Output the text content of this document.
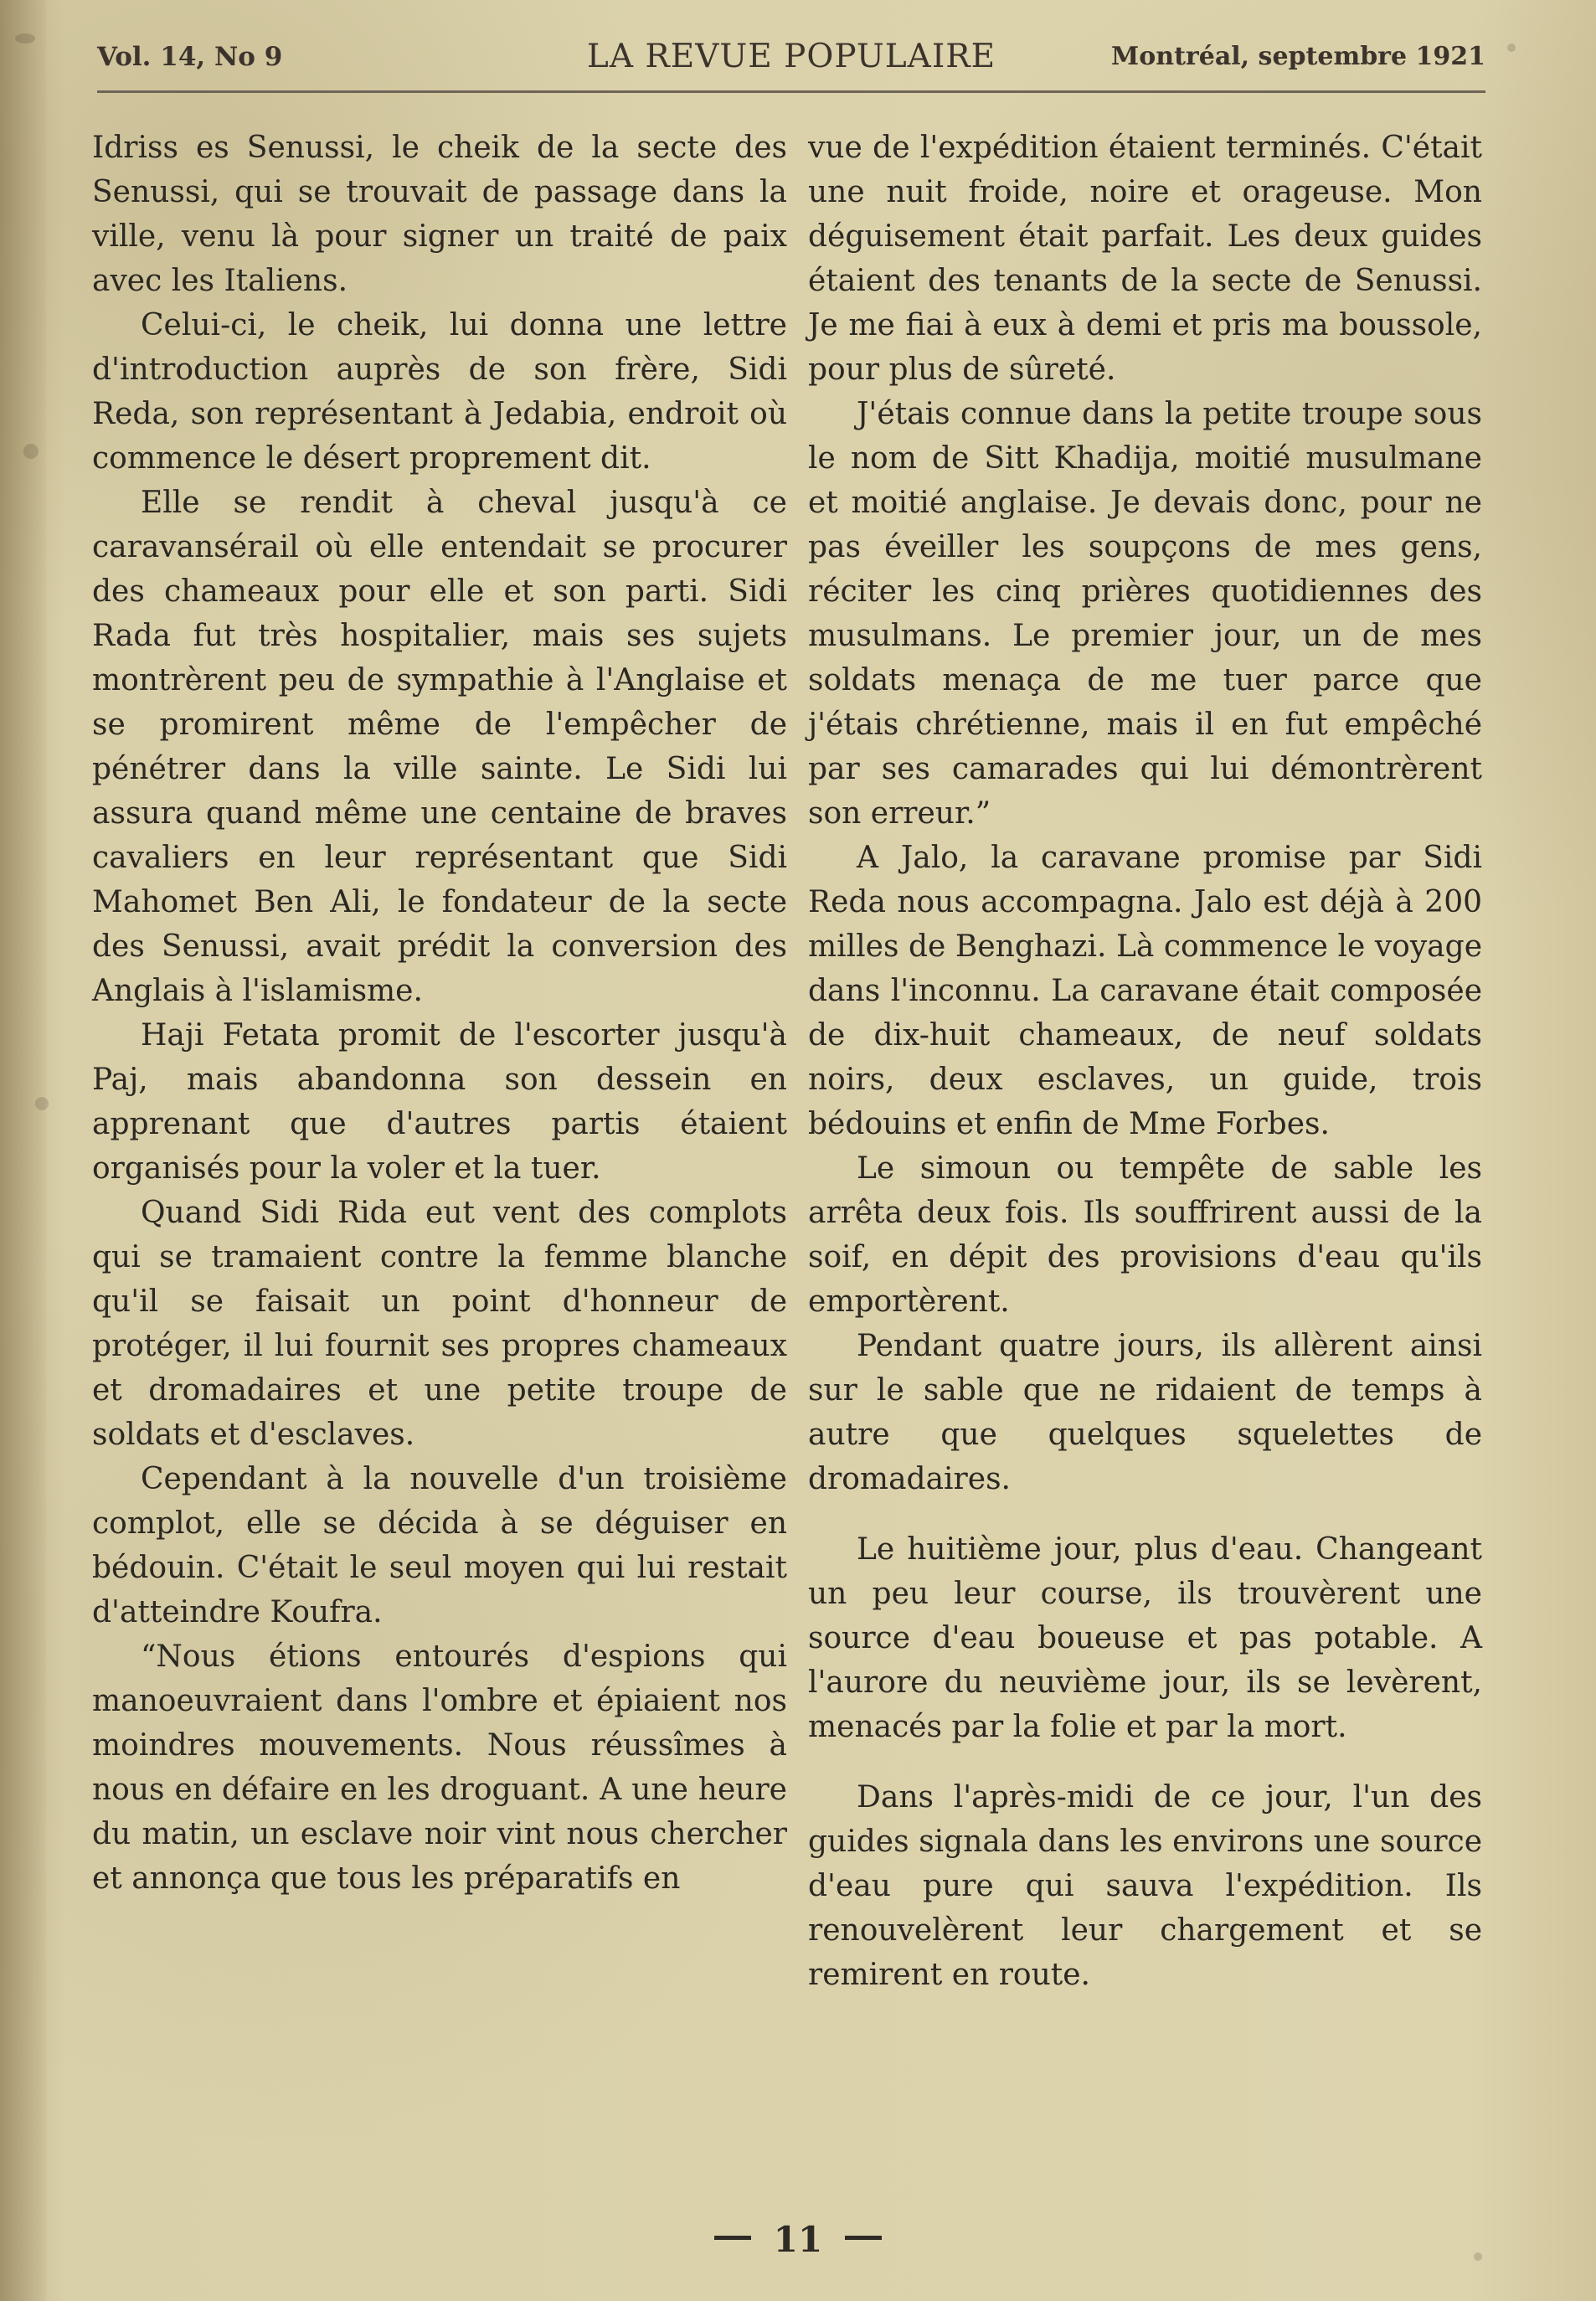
Vol. 14, No 9	LA REVUE POPULAIRE	Montréal, septembre 1921

Idriss es Senussi, le cheik de la secte des Senussi, qui se trouvait de passage dans la ville, venu là pour signer un traité de paix avec les Italiens.

Celui-ci, le cheik, lui donna une lettre d'introduction auprès de son frère, Sidi Reda, son représentant à Jedabia, endroit où commence le désert proprement dit.

Elle se rendit à cheval jusqu'à ce caravansérail où elle entendait se procurer des chameaux pour elle et son parti. Sidi Rada fut très hospitalier, mais ses sujets montrèrent peu de sympathie à l'Anglaise et se promirent même de l'empêcher de pénétrer dans la ville sainte. Le Sidi lui assura quand même une centaine de braves cavaliers en leur représentant que Sidi Mahomet Ben Ali, le fondateur de la secte des Senussi, avait prédit la conversion des Anglais à l'islamisme.

Haji Fetata promit de l'escorter jusqu'à Paj, mais abandonna son dessein en apprenant que d'autres partis étaient organisés pour la voler et la tuer.

Quand Sidi Rida eut vent des complots qui se tramaient contre la femme blanche qu'il se faisait un point d'honneur de protéger, il lui fournit ses propres chameaux et dromadaires et une petite troupe de soldats et d'esclaves.

Cependant à la nouvelle d'un troisième complot, elle se décida à se déguiser en bédouin. C'était le seul moyen qui lui restait d'atteindre Koufra.

“Nous étions entourés d'espions qui manoeuvraient dans l'ombre et épiaient nos moindres mouvements. Nous réussîmes à nous en défaire en les droguant. A une heure du matin, un esclave noir vint nous chercher et annonça que tous les préparatifs en

vue de l'expédition étaient terminés. C'était une nuit froide, noire et orageuse. Mon déguisement était parfait. Les deux guides étaient des tenants de la secte de Senussi. Je me fiai à eux à demi et pris ma boussole, pour plus de sûreté.

J'étais connue dans la petite troupe sous le nom de Sitt Khadija, moitié musulmane et moitié anglaise. Je devais donc, pour ne pas éveiller les soupçons de mes gens, réciter les cinq prières quotidiennes des musulmans. Le premier jour, un de mes soldats menaça de me tuer parce que j'étais chrétienne, mais il en fut empêché par ses camarades qui lui démontrèrent son erreur.”

A Jalo, la caravane promise par Sidi Reda nous accompagna. Jalo est déjà à 200 milles de Benghazi. Là commence le voyage dans l'inconnu. La caravane était composée de dix-huit chameaux, de neuf soldats noirs, deux esclaves, un guide, trois bédouins et enfin de Mme Forbes.

Le simoun ou tempête de sable les arrêta deux fois. Ils souffrirent aussi de la soif, en dépit des provisions d'eau qu'ils emportèrent.

Pendant quatre jours, ils allèrent ainsi sur le sable que ne ridaient de temps à autre que quelques squelettes de dromadaires.

Le huitième jour, plus d'eau. Changeant un peu leur course, ils trouvèrent une source d'eau boueuse et pas potable. A l'aurore du neuvième jour, ils se levèrent, menacés par la folie et par la mort.

Dans l'après-midi de ce jour, l'un des guides signala dans les environs une source d'eau pure qui sauva l'expédition. Ils renouvelèrent leur chargement et se remirent en route.

11
